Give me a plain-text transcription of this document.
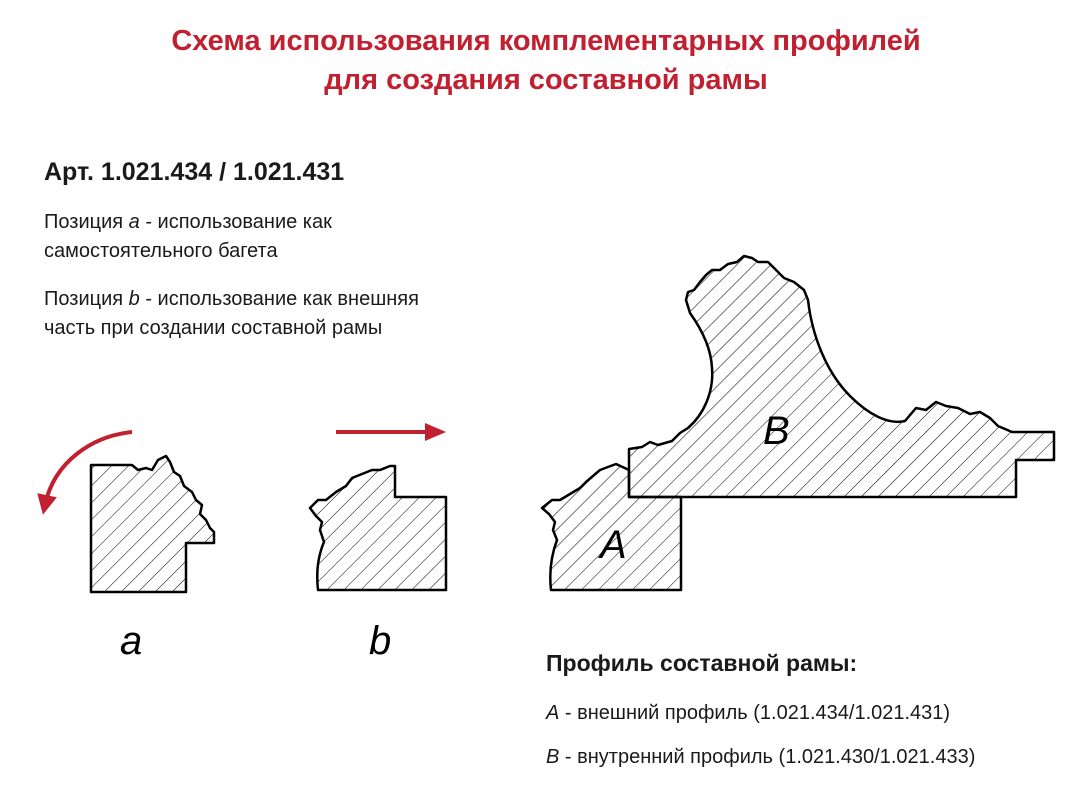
Схема использования комплементарных профилей
для создания составной рамы
Арт. 1.021.434 / 1.021.431
Позиция a - использование как
самостоятельного багета
Позиция b - использование как внешняя
часть при создании составной рамы
a	b
A
B
Профиль составной рамы:
A - внешний профиль (1.021.434/1.021.431)
B - внутренний профиль (1.021.430/1.021.433)
